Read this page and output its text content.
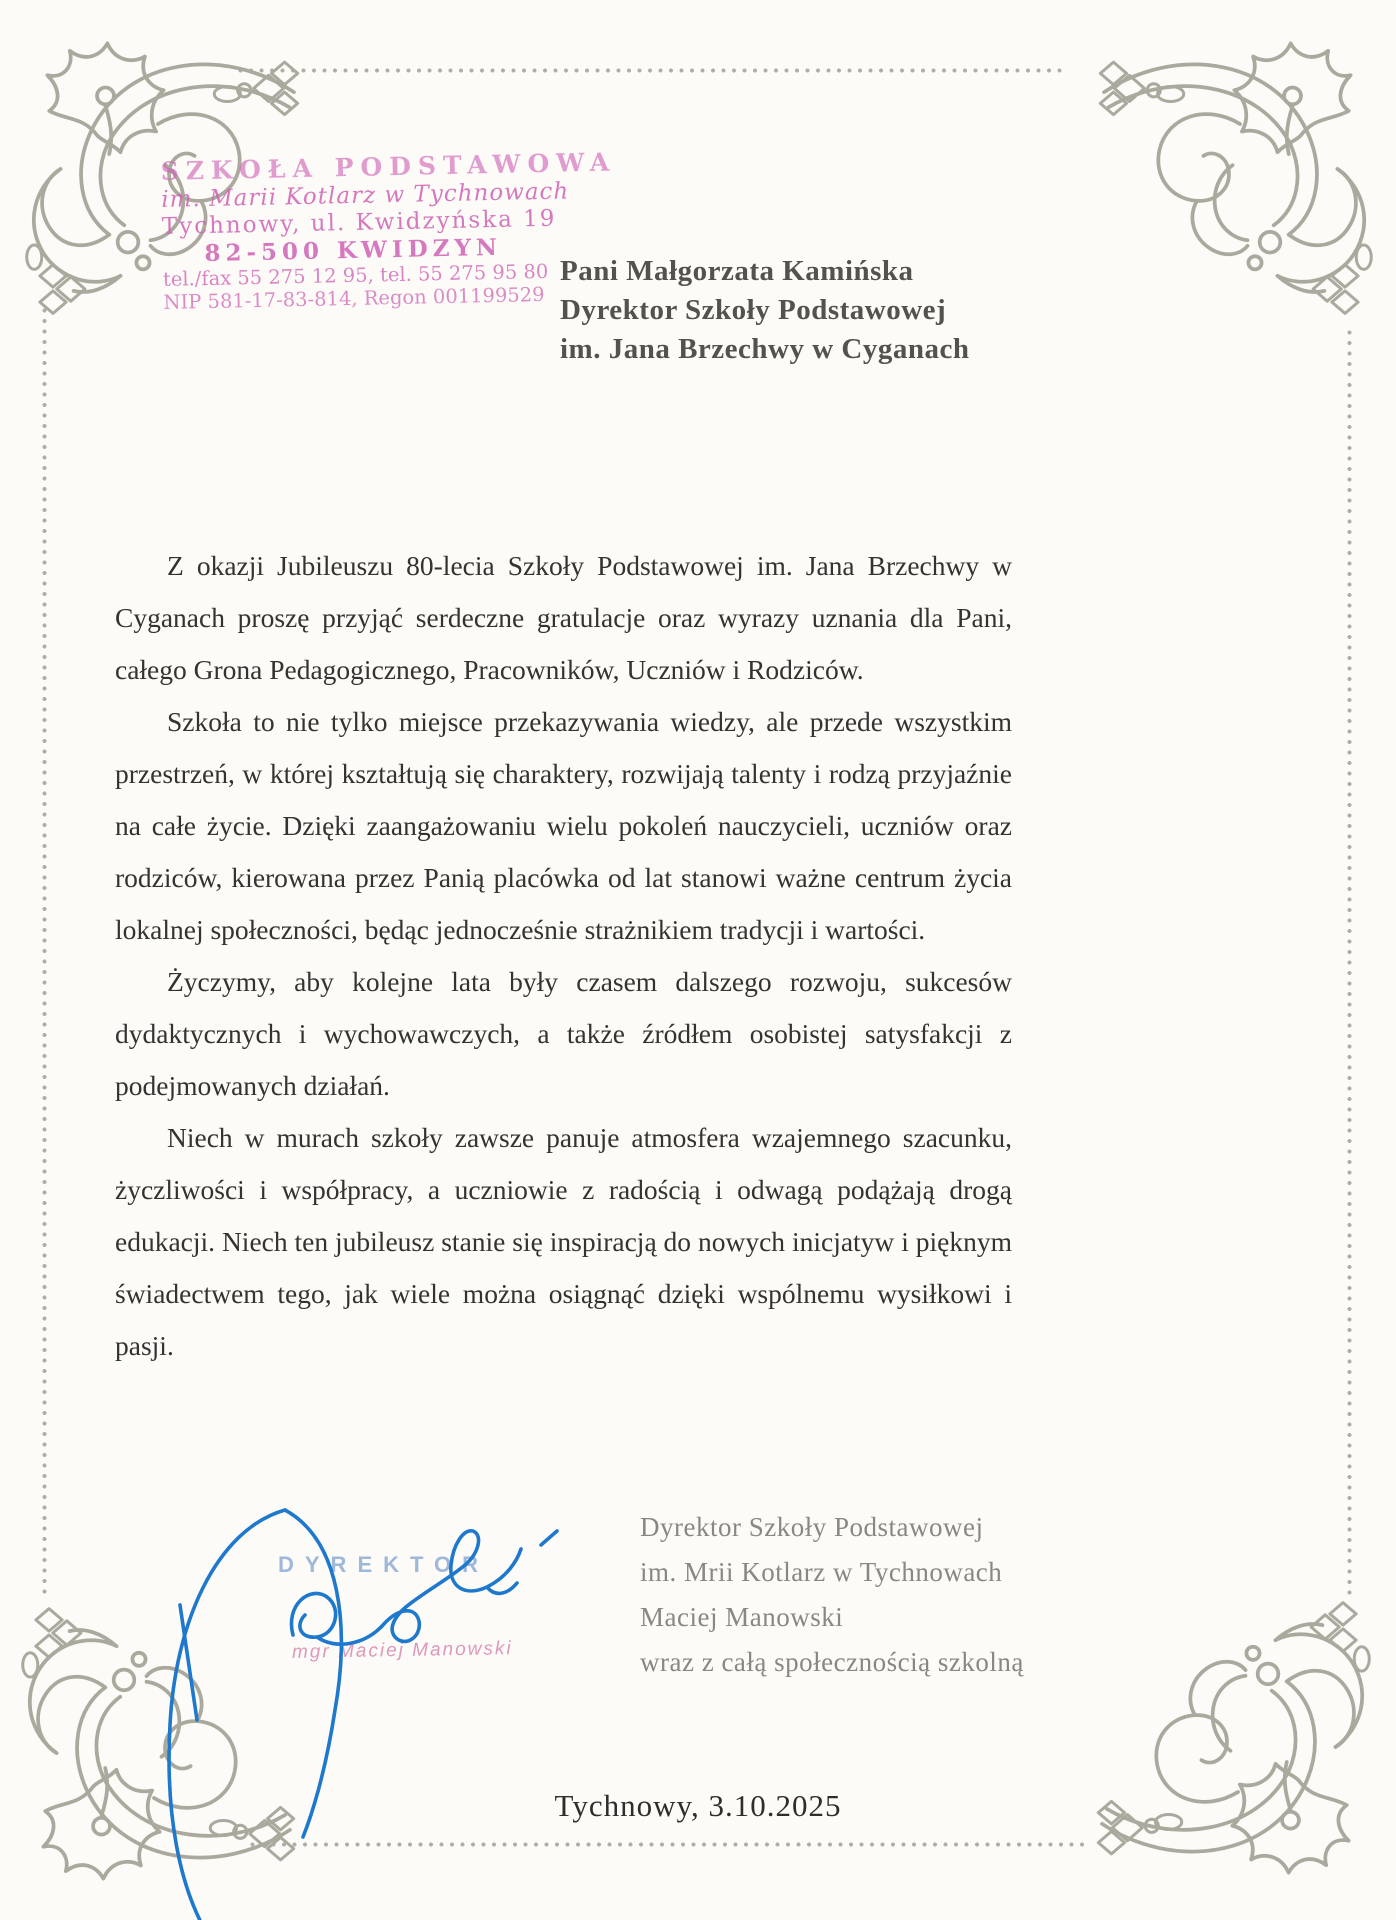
SZKOŁA PODSTAWOWA
im. Marii Kotlarz w Tychnowach
Tychnowy, ul. Kwidzyńska 19
82-500 KWIDZYN
tel./fax 55 275 12 95, tel. 55 275 95 80
NIP 581-17-83-814, Regon 001199529
Pani Małgorzata Kamińska
Dyrektor Szkoły Podstawowej
im. Jana Brzechwy w Cyganach

Z okazji Jubileuszu 80-lecia Szkoły Podstawowej im. Jana Brzechwy w Cyganach proszę przyjąć serdeczne gratulacje oraz wyrazy uznania dla Pani, całego Grona Pedagogicznego, Pracowników, Uczniów i Rodziców.

Szkoła to nie tylko miejsce przekazywania wiedzy, ale przede wszystkim przestrzeń, w której kształtują się charaktery, rozwijają talenty i rodzą przyjaźnie na całe życie. Dzięki zaangażowaniu wielu pokoleń nauczycieli, uczniów oraz rodziców, kierowana przez Panią placówka od lat stanowi ważne centrum życia lokalnej społeczności, będąc jednocześnie strażnikiem tradycji i wartości.

Życzymy, aby kolejne lata były czasem dalszego rozwoju, sukcesów dydaktycznych i wychowawczych, a także źródłem osobistej satysfakcji z podejmowanych działań.

Niech w murach szkoły zawsze panuje atmosfera wzajemnego szacunku, życzliwości i współpracy, a uczniowie z radością i odwagą podążają drogą edukacji. Niech ten jubileusz stanie się inspiracją do nowych inicjatyw i pięknym świadectwem tego, jak wiele można osiągnąć dzięki wspólnemu wysiłkowi i pasji.

Dyrektor Szkoły Podstawowej
im. Mrii Kotlarz w Tychnowach
Maciej Manowski
wraz z całą społecznością szkolną
DYREKTOR
mgr Maciej Manowski
Tychnowy, 3.10.2025
